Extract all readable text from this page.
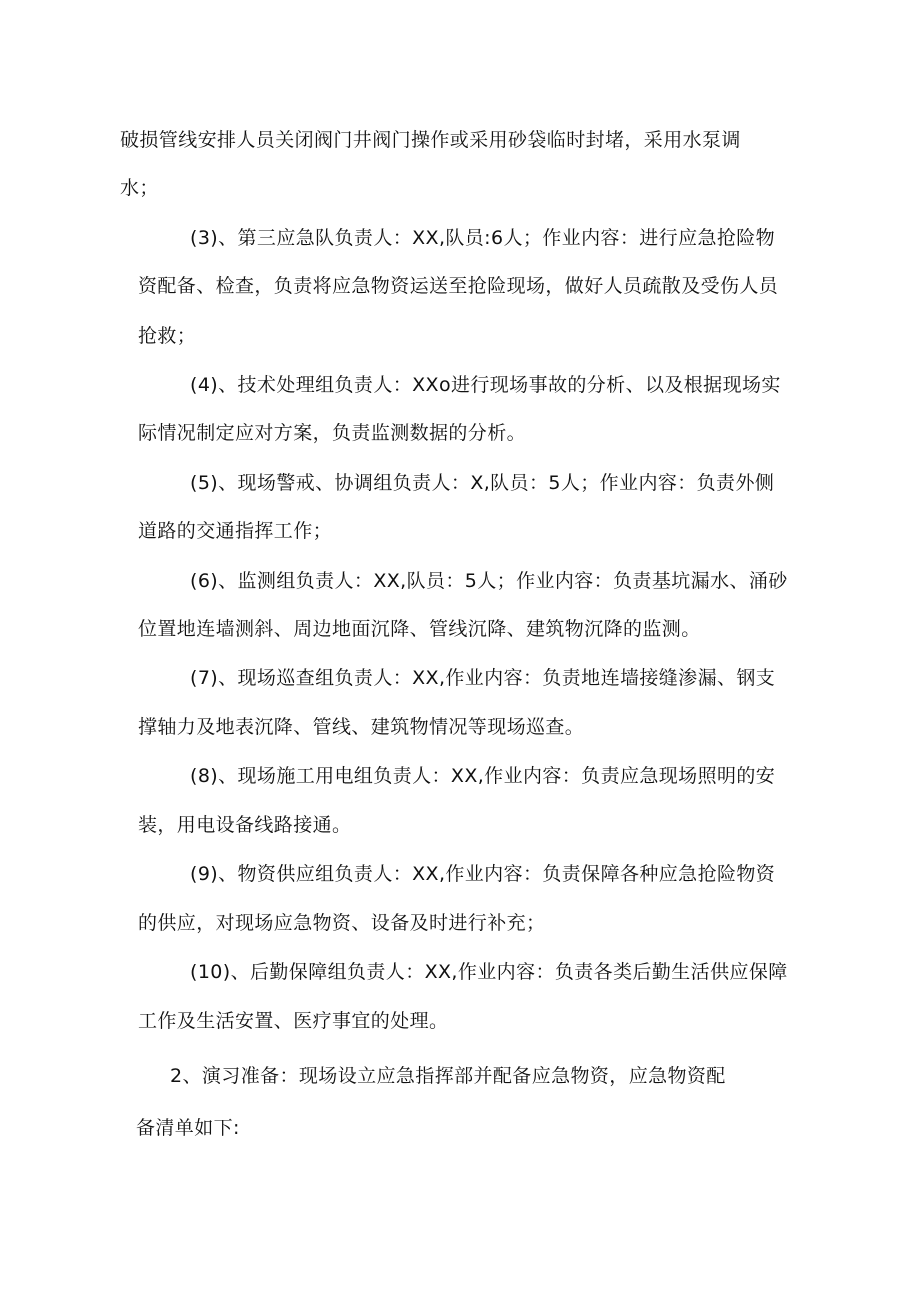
破损管线安排人员关闭阀门井阀门操作或采用砂袋临时封堵，采用水泵调
水；
(3)、第三应急队负责人：XX,队员:6人；作业内容：进行应急抢险物
资配备、检查，负责将应急物资运送至抢险现场，做好人员疏散及受伤人员
抢救；
(4)、技术处理组负责人：XXo进行现场事故的分析、以及根据现场实
际情况制定应对方案，负责监测数据的分析。
(5)、现场警戒、协调组负责人：X,队员：5人；作业内容：负责外侧
道路的交通指挥工作；
(6)、监测组负责人：XX,队员：5人；作业内容：负责基坑漏水、涌砂
位置地连墙测斜、周边地面沉降、管线沉降、建筑物沉降的监测。
(7)、现场巡查组负责人：XX,作业内容：负责地连墙接缝渗漏、钢支
撑轴力及地表沉降、管线、建筑物情况等现场巡查。
(8)、现场施工用电组负责人：XX,作业内容：负责应急现场照明的安
装，用电设备线路接通。
(9)、物资供应组负责人：XX,作业内容：负责保障各种应急抢险物资
的供应，对现场应急物资、设备及时进行补充；
(10)、后勤保障组负责人：XX,作业内容：负责各类后勤生活供应保障
工作及生活安置、医疗事宜的处理。
2、演习准备：现场设立应急指挥部并配备应急物资，应急物资配
备清单如下:
